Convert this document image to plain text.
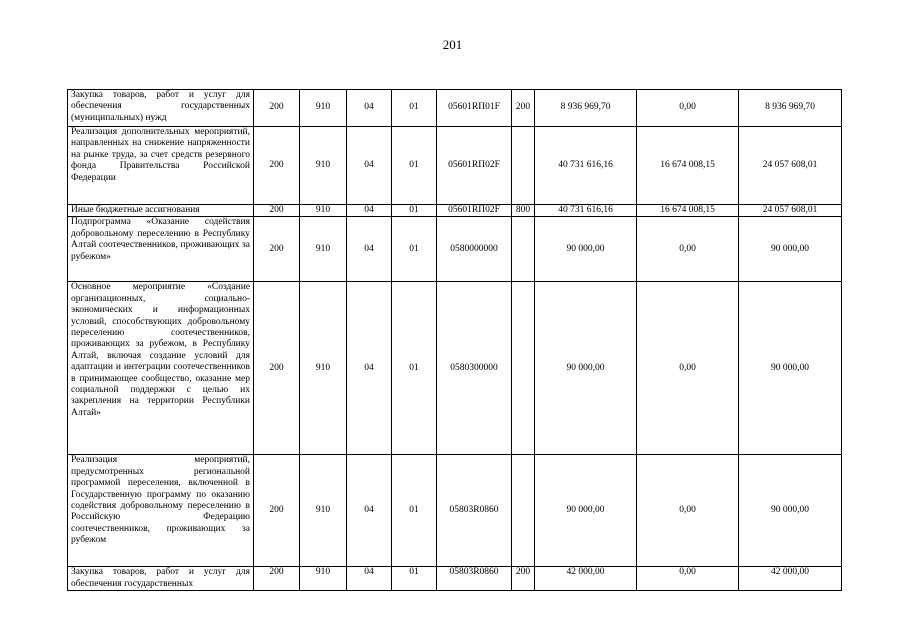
201
Закупка товаров, работ и услуг для обеспечения государственных (муниципальных) нужд	200	910	04	01	05601RП01F	200	8 936 969,70	0,00	8 936 969,70
Реализация дополнительных мероприятий, направленных на снижение напряженности на рынке труда, за счет средств резервного фонда Правительства Российской Федерации	200	910	04	01	05601RП02F		40 731 616,16	16 674 008,15	24 057 608,01
Иные бюджетные ассигнования	200	910	04	01	05601RП02F	800	40 731 616,16	16 674 008,15	24 057 608,01
Подпрограмма «Оказание содействия добровольному переселению в Республику Алтай соотечественников, проживающих за рубежом»	200	910	04	01	0580000000		90 000,00	0,00	90 000,00
Основное мероприятие «Создание организационных, социально-экономических и информационных условий, способствующих добровольному переселению соотечественников, проживающих за рубежом, в Республику Алтай, включая создание условий для адаптации и интеграции соотечественников в принимающее сообщество, оказание мер социальной поддержки с целью их закрепления на территории Республики Алтай»	200	910	04	01	0580300000		90 000,00	0,00	90 000,00
Реализация мероприятий, предусмотренных региональной программой переселения, включенной в Государственную программу по оказанию содействия добровольному переселению в Российскую Федерацию соотечественников, проживающих за рубежом	200	910	04	01	05803R0860		90 000,00	0,00	90 000,00
Закупка товаров, работ и услуг для обеспечения государственных	200	910	04	01	05803R0860	200	42 000,00	0,00	42 000,00
